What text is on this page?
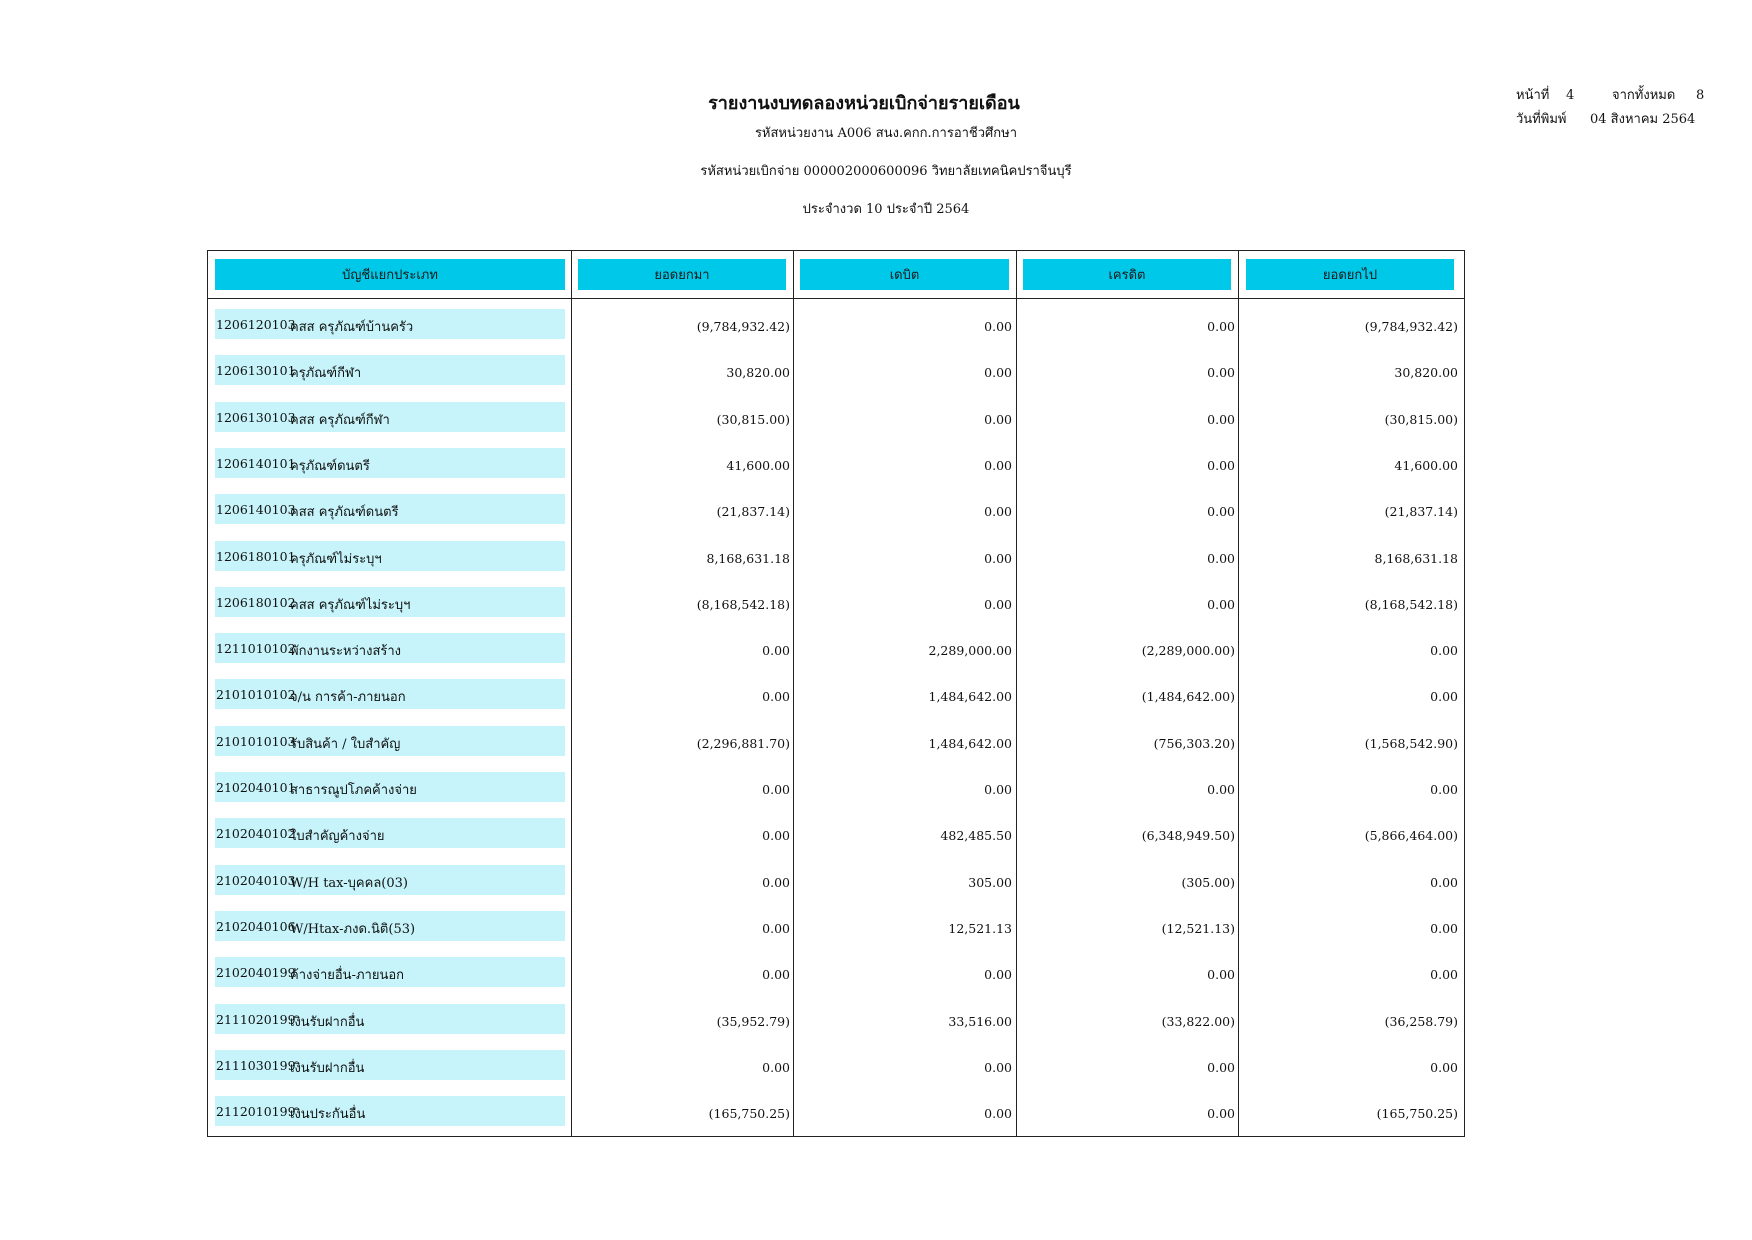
หน้าที่	4	จากทั้งหมด	8
วันที่พิมพ์	04 สิงหาคม 2564
รายงานงบทดลองหน่วยเบิกจ่ายรายเดือน
รหัสหน่วยงาน A006 สนง.คกก.การอาชีวศึกษา
รหัสหน่วยเบิกจ่าย 000002000600096 วิทยาลัยเทคนิคปราจีนบุรี
ประจำงวด 10 ประจำปี 2564
บัญชีแยกประเภท	ยอดยกมา	เดบิต	เครดิต	ยอดยกไป
1206120103
คสส ครุภัณฑ์บ้านครัว	(9,784,932.42)	0.00	0.00	(9,784,932.42)
1206130101
ครุภัณฑ์กีฬา	30,820.00	0.00	0.00	30,820.00
1206130103
คสส ครุภัณฑ์กีฬา	(30,815.00)	0.00	0.00	(30,815.00)
1206140101
ครุภัณฑ์ดนตรี	41,600.00	0.00	0.00	41,600.00
1206140103
คสส ครุภัณฑ์ดนตรี	(21,837.14)	0.00	0.00	(21,837.14)
1206180101
ครุภัณฑ์ไม่ระบุฯ	8,168,631.18	0.00	0.00	8,168,631.18
1206180102
คสส ครุภัณฑ์ไม่ระบุฯ	(8,168,542.18)	0.00	0.00	(8,168,542.18)
1211010102
พักงานระหว่างสร้าง	0.00	2,289,000.00	(2,289,000.00)	0.00
2101010102
จ/น การค้า-ภายนอก	0.00	1,484,642.00	(1,484,642.00)	0.00
2101010103
รับสินค้า / ใบสำคัญ	(2,296,881.70)	1,484,642.00	(756,303.20)	(1,568,542.90)
2102040101
สาธารณูปโภคค้างจ่าย	0.00	0.00	0.00	0.00
2102040102
ใบสำคัญค้างจ่าย	0.00	482,485.50	(6,348,949.50)	(5,866,464.00)
2102040103
W/H tax-บุคคล(03)	0.00	305.00	(305.00)	0.00
2102040106
W/Htax-ภงด.นิติ(53)	0.00	12,521.13	(12,521.13)	0.00
2102040199
ค้างจ่ายอื่น-ภายนอก	0.00	0.00	0.00	0.00
2111020199
เงินรับฝากอื่น	(35,952.79)	33,516.00	(33,822.00)	(36,258.79)
2111030199
เงินรับฝากอื่น	0.00	0.00	0.00	0.00
2112010199
เงินประกันอื่น	(165,750.25)	0.00	0.00	(165,750.25)
